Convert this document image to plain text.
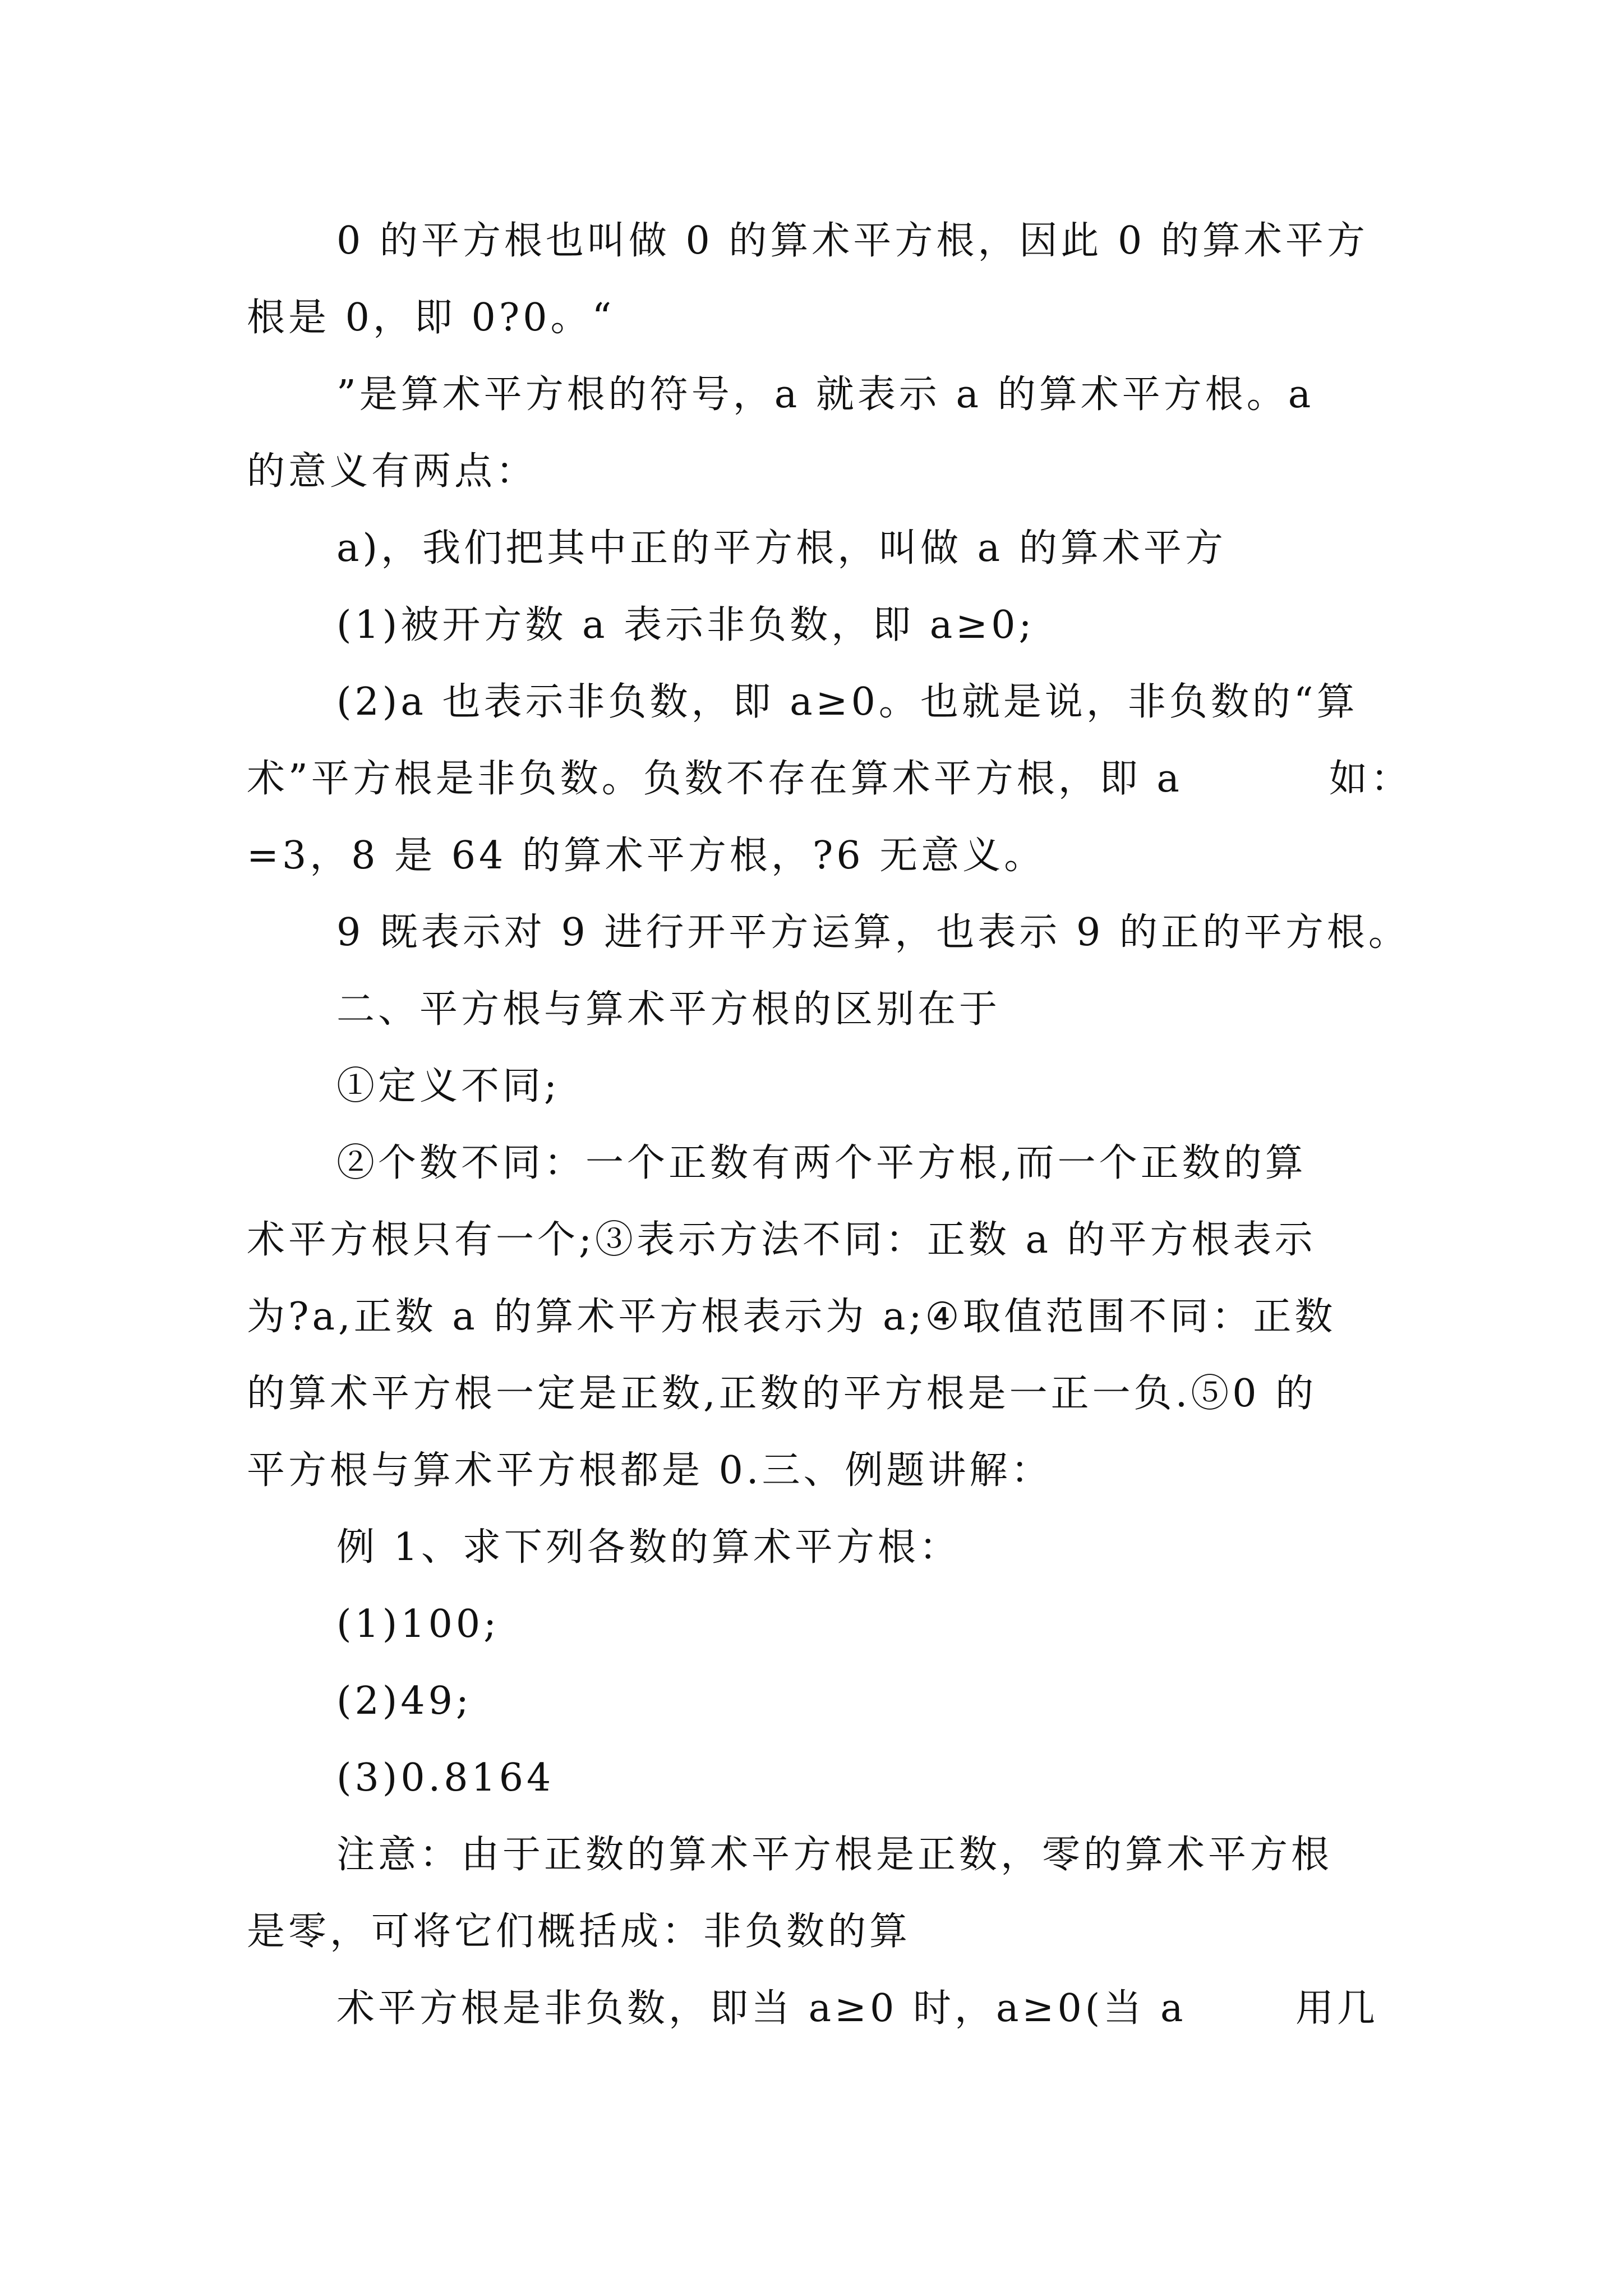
0 的平方根也叫做 0 的算术平方根，因此 0 的算术平方
根是 0，即 0?0。“
”是算术平方根的符号，a 就表示 a 的算术平方根。a
的意义有两点：
a)，我们把其中正的平方根，叫做 a 的算术平方
(1)被开方数 a 表示非负数，即 a≥0;
(2)a 也表示非负数，即 a≥0。也就是说，非负数的“算
术”平方根是非负数。负数不存在算术平方根，即 a	如：
=3，8 是 64 的算术平方根，?6 无意义。
9 既表示对 9 进行开平方运算，也表示 9 的正的平方根。
二、平方根与算术平方根的区别在于
①定义不同;
②个数不同：一个正数有两个平方根,而一个正数的算
术平方根只有一个;③表示方法不同：正数 a 的平方根表示
为?a,正数 a 的算术平方根表示为 a;④取值范围不同：正数
的算术平方根一定是正数,正数的平方根是一正一负.⑤0 的
平方根与算术平方根都是 0.三、例题讲解：
例 1、求下列各数的算术平方根：
(1)100;
(2)49;
(3)0.8164
注意：由于正数的算术平方根是正数，零的算术平方根
是零，可将它们概括成：非负数的算
术平方根是非负数，即当 a≥0 时，a≥0(当 a	用几
